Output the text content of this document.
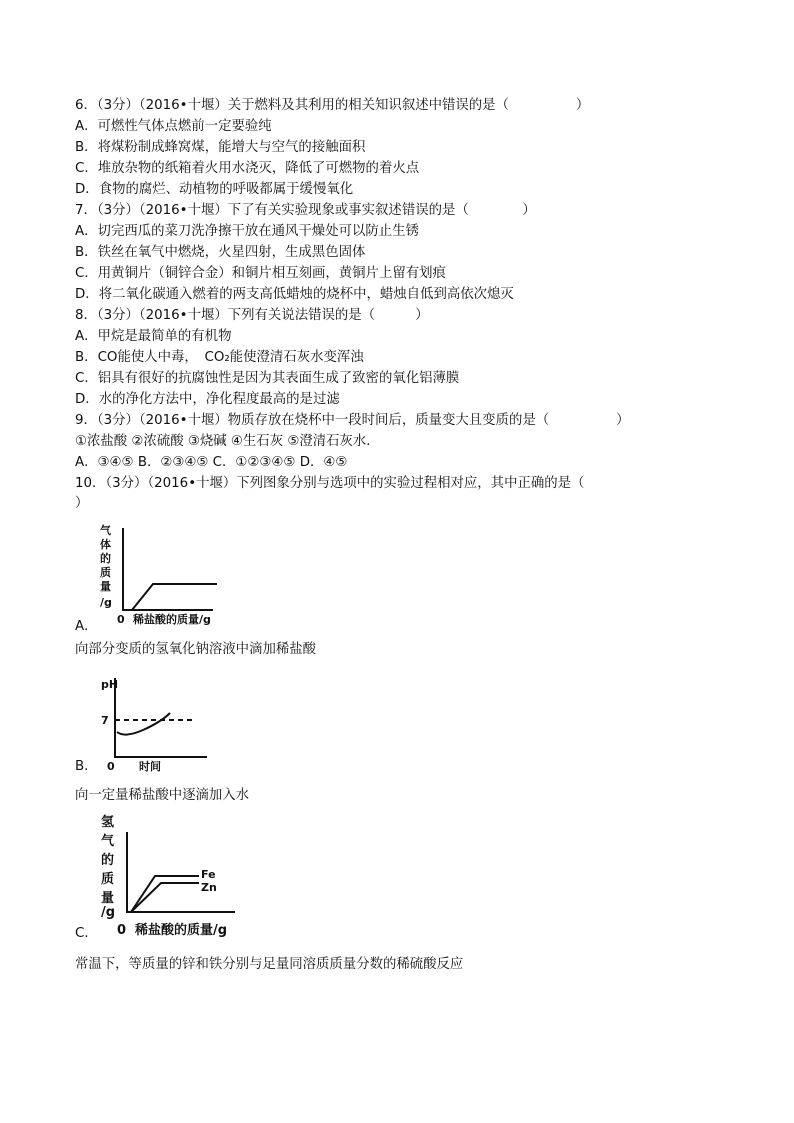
6．（3分）（2016•十堰）关于燃料及其利用的相关知识叙述中错误的是（　　　　　）
A．可燃性气体点燃前一定要验纯
B．将煤粉制成蜂窝煤，能增大与空气的接触面积
C．堆放杂物的纸箱着火用水浇灭，降低了可燃物的着火点
D．食物的腐烂、动植物的呼吸都属于缓慢氧化
7．（3分）（2016•十堰）下了有关实验现象或事实叙述错误的是（　　　　）
A．切完西瓜的菜刀洗净擦干放在通风干燥处可以防止生锈
B．铁丝在氧气中燃烧，火星四射，生成黑色固体
C．用黄铜片（铜锌合金）和铜片相互刻画，黄铜片上留有划痕
D．将二氧化碳通入燃着的两支高低蜡烛的烧杯中，蜡烛自低到高依次熄灭
8．（3分）（2016•十堰）下列有关说法错误的是（　　　）
A．甲烷是最简单的有机物
B．CO能使人中毒，　CO₂能使澄清石灰水变浑浊
C．铝具有很好的抗腐蚀性是因为其表面生成了致密的氧化铝薄膜
D．水的净化方法中，净化程度最高的是过滤
9．（3分）（2016•十堰）物质存放在烧杯中一段时间后，质量变大且变质的是（　　　　　）
①浓盐酸 ②浓硫酸 ③烧碱 ④生石灰 ⑤澄清石灰水．
A．③④⑤ B．②③④⑤ C．①②③④⑤ D．④⑤
10．（3分）（2016•十堰）下列图象分别与选项中的实验过程相对应，其中正确的是（
）
气
体
的
质
量
/g
0 稀盐酸的质量/g
A．
向部分变质的氢氧化钠溶液中滴加稀盐酸
pH
7
0 时间
B．
向一定量稀盐酸中逐滴加入水
氢
气
的
质
量
/g
Fe
Zn
0 稀盐酸的质量/g
C．
常温下，等质量的锌和铁分别与足量同溶质质量分数的稀硫酸反应
